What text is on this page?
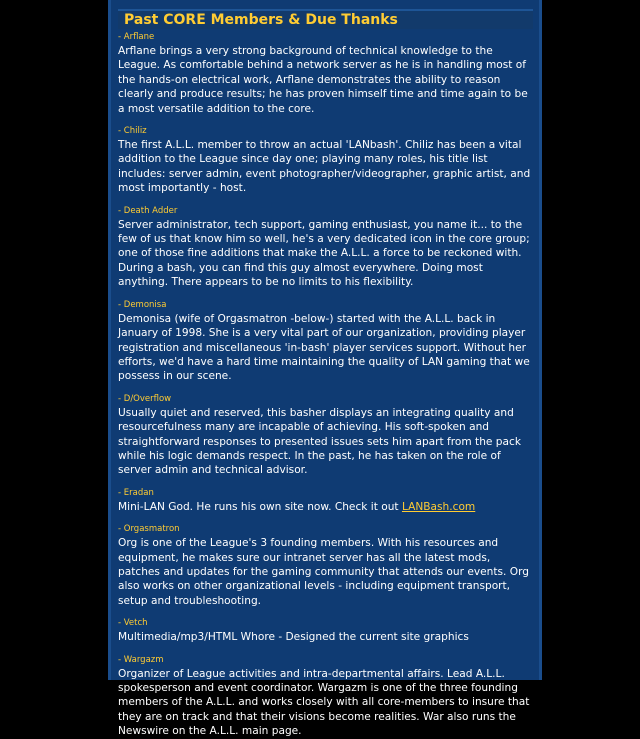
Past CORE Members & Due Thanks
- Arflane
Arflane brings a very strong background of technical knowledge to the League. As comfortable behind a network server as he is in handling most of the hands-on electrical work, Arflane demonstrates the ability to reason clearly and produce results; he has proven himself time and time again to be a most versatile addition to the core.
- Chiliz
The first A.L.L. member to throw an actual 'LANbash'. Chiliz has been a vital addition to the League since day one; playing many roles, his title list includes: server admin, event photographer/videographer, graphic artist, and most importantly - host.
- Death Adder
Server administrator, tech support, gaming enthusiast, you name it... to the few of us that know him so well, he's a very dedicated icon in the core group; one of those fine additions that make the A.L.L. a force to be reckoned with. During a bash, you can find this guy almost everywhere. Doing most anything. There appears to be no limits to his flexibility.
- Demonisa
Demonisa (wife of Orgasmatron -below-) started with the A.L.L. back in January of 1998. She is a very vital part of our organization, providing player registration and miscellaneous 'in-bash' player services support. Without her efforts, we'd have a hard time maintaining the quality of LAN gaming that we possess in our scene.
- D/Overflow
Usually quiet and reserved, this basher displays an integrating quality and resourcefulness many are incapable of achieving. His soft-spoken and straightforward responses to presented issues sets him apart from the pack while his logic demands respect. In the past, he has taken on the role of server admin and technical advisor.
- Eradan
Mini-LAN God. He runs his own site now. Check it out LANBash.com
- Orgasmatron
Org is one of the League's 3 founding members. With his resources and equipment, he makes sure our intranet server has all the latest mods, patches and updates for the gaming community that attends our events. Org also works on other organizational levels - including equipment transport, setup and troubleshooting.
- Vetch
Multimedia/mp3/HTML Whore - Designed the current site graphics
- Wargazm
Organizer of League activities and intra-departmental affairs. Lead A.L.L. spokesperson and event coordinator. Wargazm is one of the three founding members of the A.L.L. and works closely with all core-members to insure that they are on track and that their visions become realities. War also runs the Newswire on the A.L.L. main page.
